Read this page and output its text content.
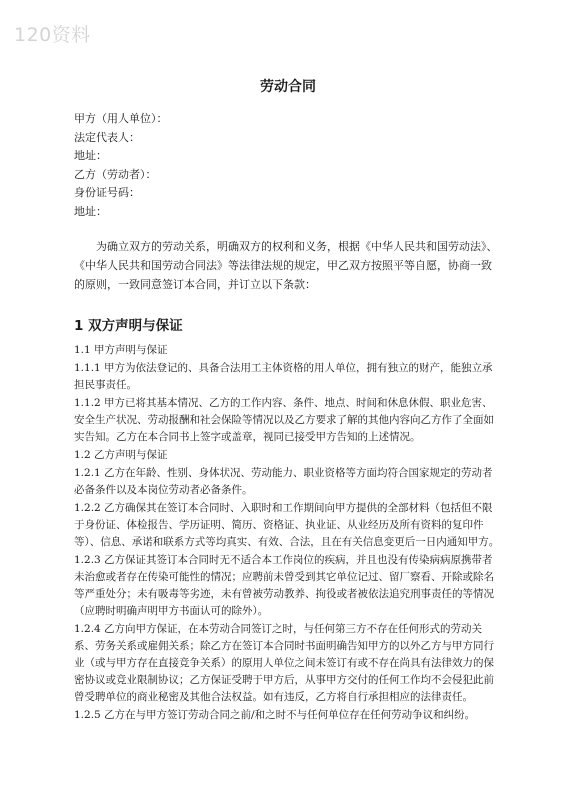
120资料
劳动合同

甲方（用人单位）：

法定代表人：

地址：

乙方（劳动者）：

身份证号码：

地址：

为确立双方的劳动关系，明确双方的权利和义务，根据《中华人民共和国劳动法》、《中华人民共和国劳动合同法》等法律法规的规定，甲乙双方按照平等自愿，协商一致的原则，一致同意签订本合同，并订立以下条款：

1 双方声明与保证

1.1 甲方声明与保证

1.1.1 甲方为依法登记的、具备合法用工主体资格的用人单位，拥有独立的财产，能独立承担民事责任。

1.1.2 甲方已将其基本情况、乙方的工作内容、条件、地点、时间和休息休假、职业危害、安全生产状况、劳动报酬和社会保险等情况以及乙方要求了解的其他内容向乙方作了全面如实告知。乙方在本合同书上签字或盖章，视同已接受甲方告知的上述情况。

1.2 乙方声明与保证

1.2.1 乙方在年龄、性别、身体状况、劳动能力、职业资格等方面均符合国家规定的劳动者必备条件以及本岗位劳动者必备条件。

1.2.2 乙方确保其在签订本合同时、入职时和工作期间向甲方提供的全部材料（包括但不限于身份证、体检报告、学历证明、简历、资格证、执业证、从业经历及所有资料的复印件等）、信息、承诺和联系方式等均真实、有效、合法，且在有关信息变更后一日内通知甲方。

1.2.3 乙方保证其签订本合同时无不适合本工作岗位的疾病，并且也没有传染病病原携带者未治愈或者存在传染可能性的情况；应聘前未曾受到其它单位记过、留厂察看、开除或除名等严重处分；未有吸毒等劣迹，未有曾被劳动教养、拘役或者被依法追究刑事责任的等情况（应聘时明确声明甲方书面认可的除外）。

1.2.4 乙方向甲方保证，在本劳动合同签订之时，与任何第三方不存在任何形式的劳动关系、劳务关系或雇佣关系；除乙方在签订本合同时书面明确告知甲方的以外乙方与甲方同行业（或与甲方存在直接竞争关系）的原用人单位之间未签订有或不存在尚具有法律效力的保密协议或竞业限制协议；乙方保证受聘于甲方后，从事甲方交付的任何工作均不会侵犯此前曾受聘单位的商业秘密及其他合法权益。如有违反，乙方将自行承担相应的法律责任。

1.2.5 乙方在与甲方签订劳动合同之前/和之时不与任何单位存在任何劳动争议和纠纷。
